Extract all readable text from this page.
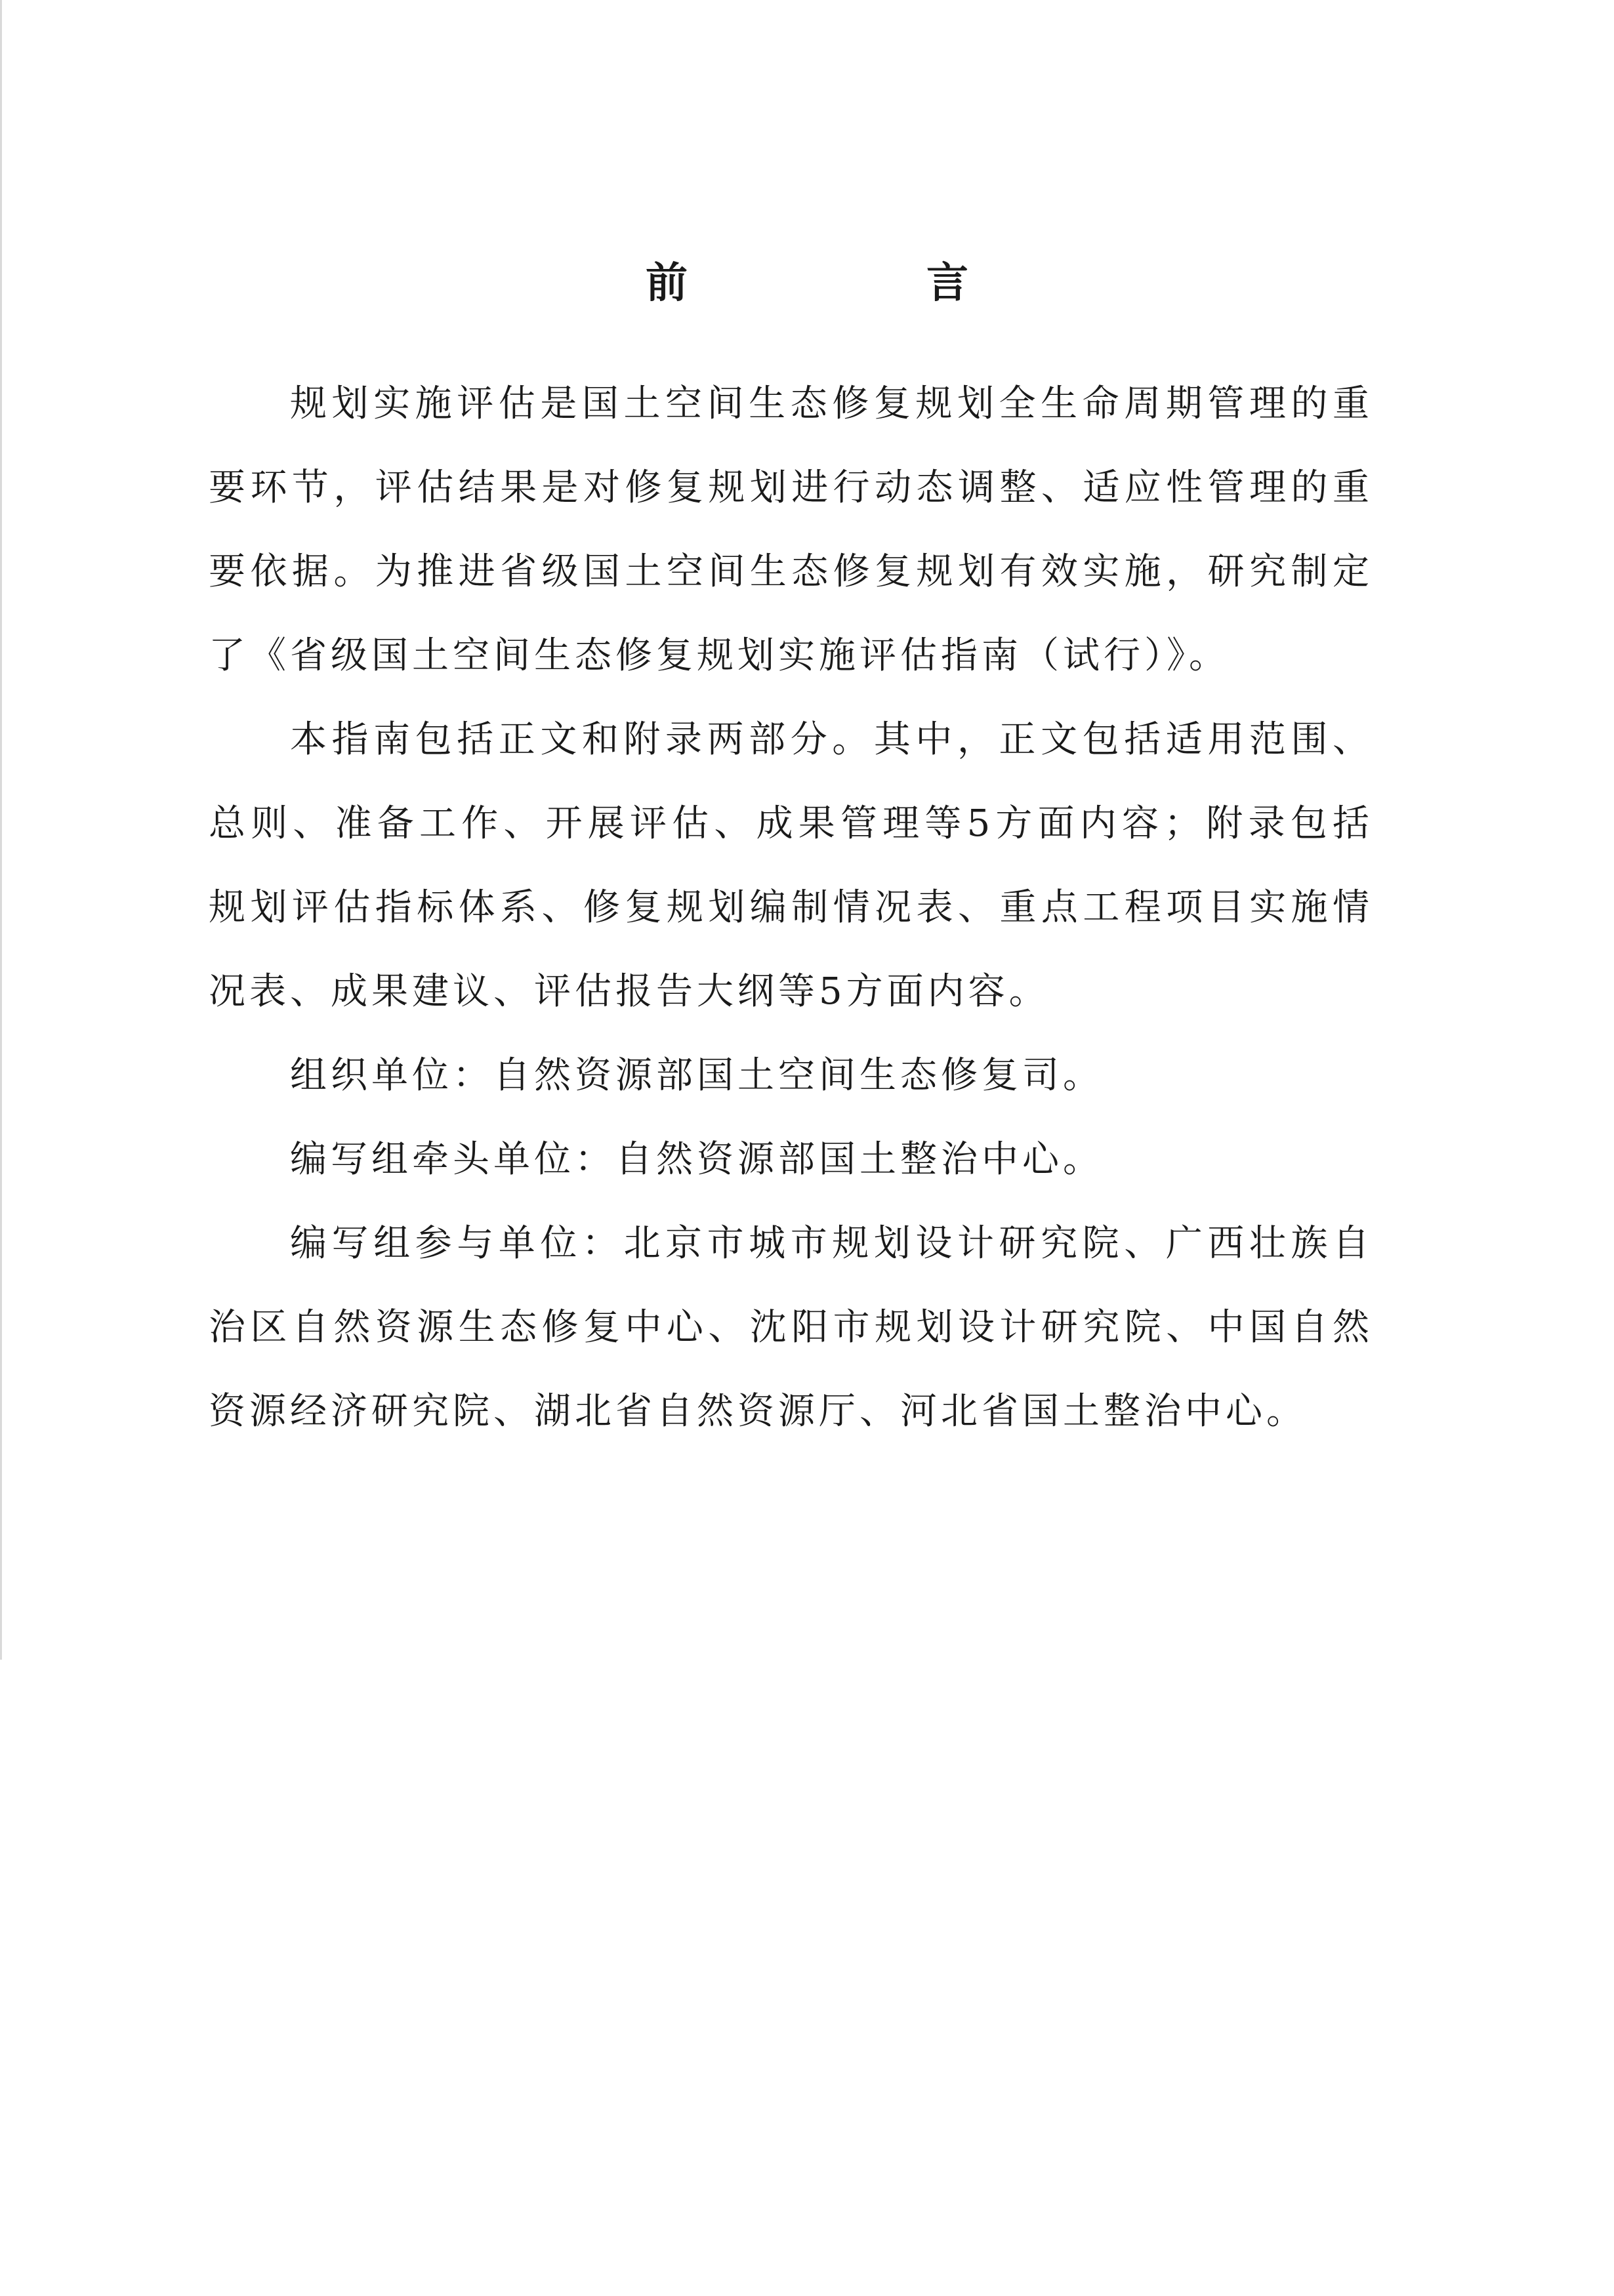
前　言

规划实施评估是国土空间生态修复规划全生命周期管理的重要环节，评估结果是对修复规划进行动态调整、适应性管理的重要依据。为推进省级国土空间生态修复规划有效实施，研究制定了《省级国土空间生态修复规划实施评估指南（试行）》。

本指南包括正文和附录两部分。其中，正文包括适用范围、总则、准备工作、开展评估、成果管理等5方面内容；附录包括规划评估指标体系、修复规划编制情况表、重点工程项目实施情况表、成果建议、评估报告大纲等5方面内容。

组织单位：自然资源部国土空间生态修复司。

编写组牵头单位：自然资源部国土整治中心。

编写组参与单位：北京市城市规划设计研究院、广西壮族自治区自然资源生态修复中心、沈阳市规划设计研究院、中国自然资源经济研究院、湖北省自然资源厅、河北省国土整治中心。
